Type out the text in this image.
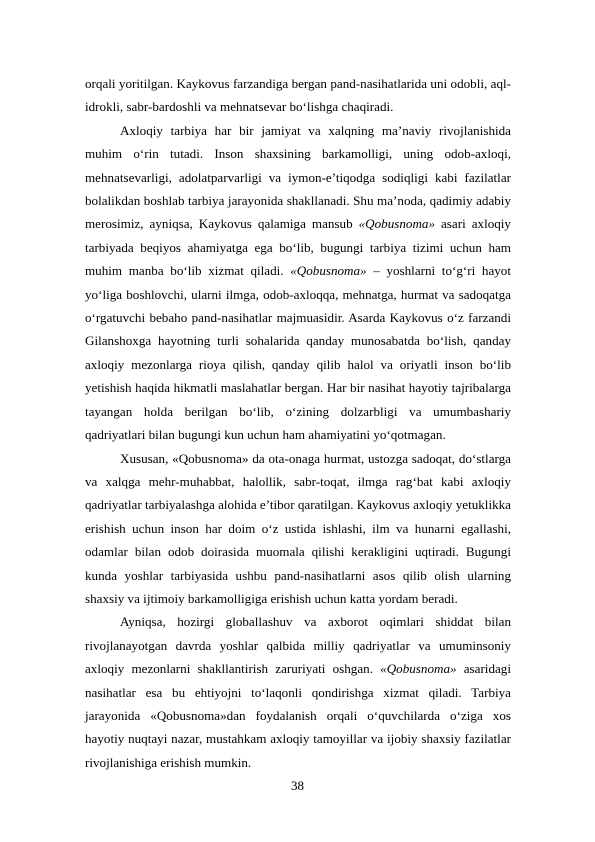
orqali yoritilgan. Kaykovus farzandiga bergan pand-nasihatlarida uni odobli, aql-idrokli, sabr-bardoshli va mehnatsevar bo‘lishga chaqiradi.

Axloqiy tarbiya har bir jamiyat va xalqning ma’naviy rivojlanishida muhim o‘rin tutadi. Inson shaxsining barkamolligi, uning odob-axloqi, mehnatsevarligi, adolatparvarligi va iymon-e’tiqodga sodiqligi kabi fazilatlar bolalikdan boshlab tarbiya jarayonida shakllanadi. Shu ma’noda, qadimiy adabiy merosimiz, ayniqsa, Kaykovus qalamiga mansub «Qobusnoma» asari axloqiy tarbiyada beqiyos ahamiyatga ega bo‘lib, bugungi tarbiya tizimi uchun ham muhim manba bo‘lib xizmat qiladi. «Qobusnoma» – yoshlarni to‘g‘ri hayot yo‘liga boshlovchi, ularni ilmga, odob-axloqqa, mehnatga, hurmat va sadoqatga o‘rgatuvchi bebaho pand-nasihatlar majmuasidir. Asarda Kaykovus o‘z farzandi Gilanshoxga hayotning turli sohalarida qanday munosabatda bo‘lish, qanday axloqiy mezonlarga rioya qilish, qanday qilib halol va oriyatli inson bo‘lib yetishish haqida hikmatli maslahatlar bergan. Har bir nasihat hayotiy tajribalarga tayangan holda berilgan bo‘lib, o‘zining dolzarbligi va umumbashariy qadriyatlari bilan bugungi kun uchun ham ahamiyatini yo‘qotmagan.

Xususan, «Qobusnoma» da ota-onaga hurmat, ustozga sadoqat, do‘stlarga va xalqga mehr-muhabbat, halollik, sabr-toqat, ilmga rag‘bat kabi axloqiy qadriyatlar tarbiyalashga alohida e’tibor qaratilgan. Kaykovus axloqiy yetuklikka erishish uchun inson har doim o‘z ustida ishlashi, ilm va hunarni egallashi, odamlar bilan odob doirasida muomala qilishi kerakligini uqtiradi. Bugungi kunda yoshlar tarbiyasida ushbu pand-nasihatlarni asos qilib olish ularning shaxsiy va ijtimoiy barkamolligiga erishish uchun katta yordam beradi.

Ayniqsa, hozirgi globallashuv va axborot oqimlari shiddat bilan rivojlanayotgan davrda yoshlar qalbida milliy qadriyatlar va umuminsoniy axloqiy mezonlarni shakllantirish zaruriyati oshgan. «Qobusnoma» asaridagi nasihatlar esa bu ehtiyojni to‘laqonli qondirishga xizmat qiladi. Tarbiya jarayonida «Qobusnoma»dan foydalanish orqali o‘quvchilarda o‘ziga xos hayotiy nuqtayi nazar, mustahkam axloqiy tamoyillar va ijobiy shaxsiy fazilatlar rivojlanishiga erishish mumkin.

38
